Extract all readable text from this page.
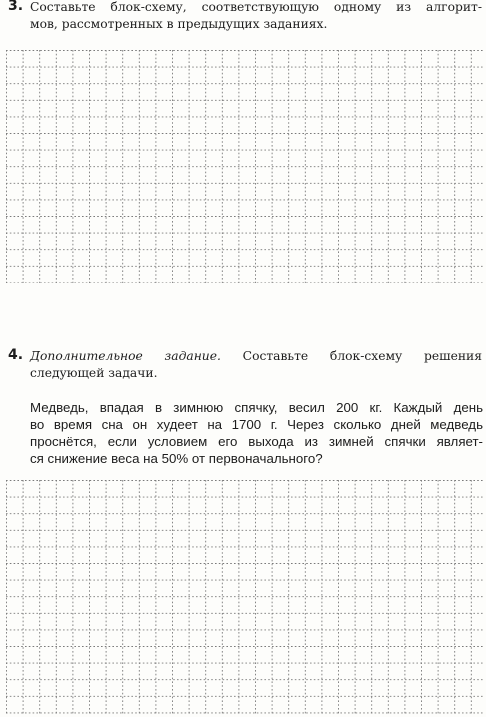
3. Составьте блок-схему, соответствующую одному из алгорит-
мов, рассмотренных в предыдущих заданиях.
4. Дополнительное задание. Составьте блок-схему решения
следующей задачи.
Медведь, впадая в зимнюю спячку, весил 200 кг. Каждый день
во время сна он худеет на 1700 г. Через сколько дней медведь
проснётся, если условием его выхода из зимней спячки являет-
ся снижение веса на 50% от первоначального?
